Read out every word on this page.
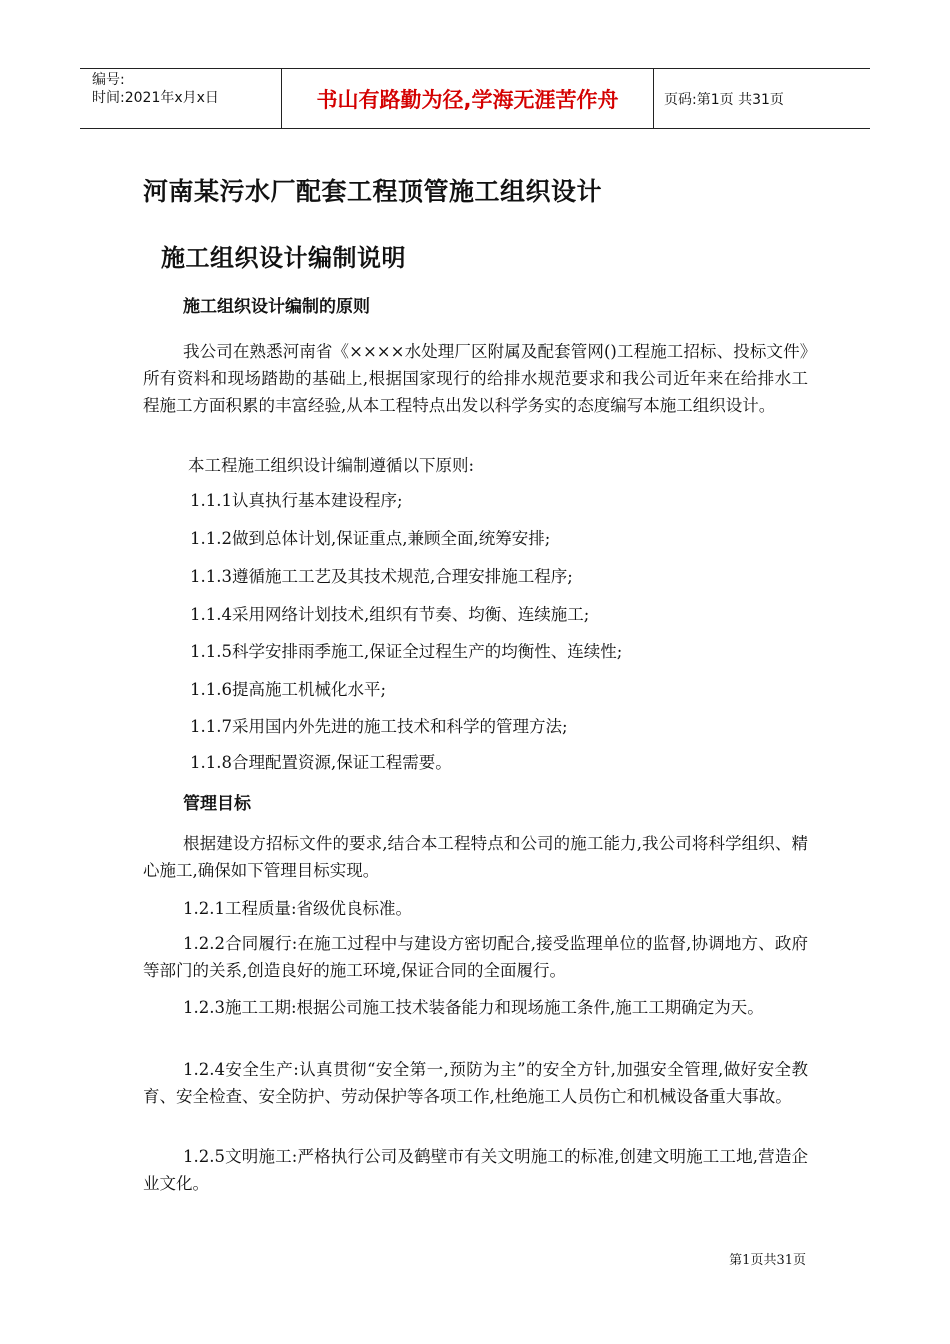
编号:
时间:2021年x月x日	书山有路勤为径,学海无涯苦作舟	页码:第1页 共31页
河南某污水厂配套工程顶管施工组织设计
施工组织设计编制说明
施工组织设计编制的原则
我公司在熟悉河南省《××××水处理厂区附属及配套管网()工程施工招标、投标文件》所有资料和现场踏勘的基础上,根据国家现行的给排水规范要求和我公司近年来在给排水工程施工方面积累的丰富经验,从本工程特点出发以科学务实的态度编写本施工组织设计。
本工程施工组织设计编制遵循以下原则:
1.1.1认真执行基本建设程序;
1.1.2做到总体计划,保证重点,兼顾全面,统筹安排;
1.1.3遵循施工工艺及其技术规范,合理安排施工程序;
1.1.4采用网络计划技术,组织有节奏、均衡、连续施工;
1.1.5科学安排雨季施工,保证全过程生产的均衡性、连续性;
1.1.6提高施工机械化水平;
1.1.7采用国内外先进的施工技术和科学的管理方法;
1.1.8合理配置资源,保证工程需要。
管理目标
根据建设方招标文件的要求,结合本工程特点和公司的施工能力,我公司将科学组织、精心施工,确保如下管理目标实现。
1.2.1工程质量:省级优良标准。
1.2.2合同履行:在施工过程中与建设方密切配合,接受监理单位的监督,协调地方、政府等部门的关系,创造良好的施工环境,保证合同的全面履行。
1.2.3施工工期:根据公司施工技术装备能力和现场施工条件,施工工期确定为天。
1.2.4安全生产:认真贯彻“安全第一,预防为主”的安全方针,加强安全管理,做好安全教育、安全检查、安全防护、劳动保护等各项工作,杜绝施工人员伤亡和机械设备重大事故。
1.2.5文明施工:严格执行公司及鹤壁市有关文明施工的标准,创建文明施工工地,营造企业文化。
第1页共31页
